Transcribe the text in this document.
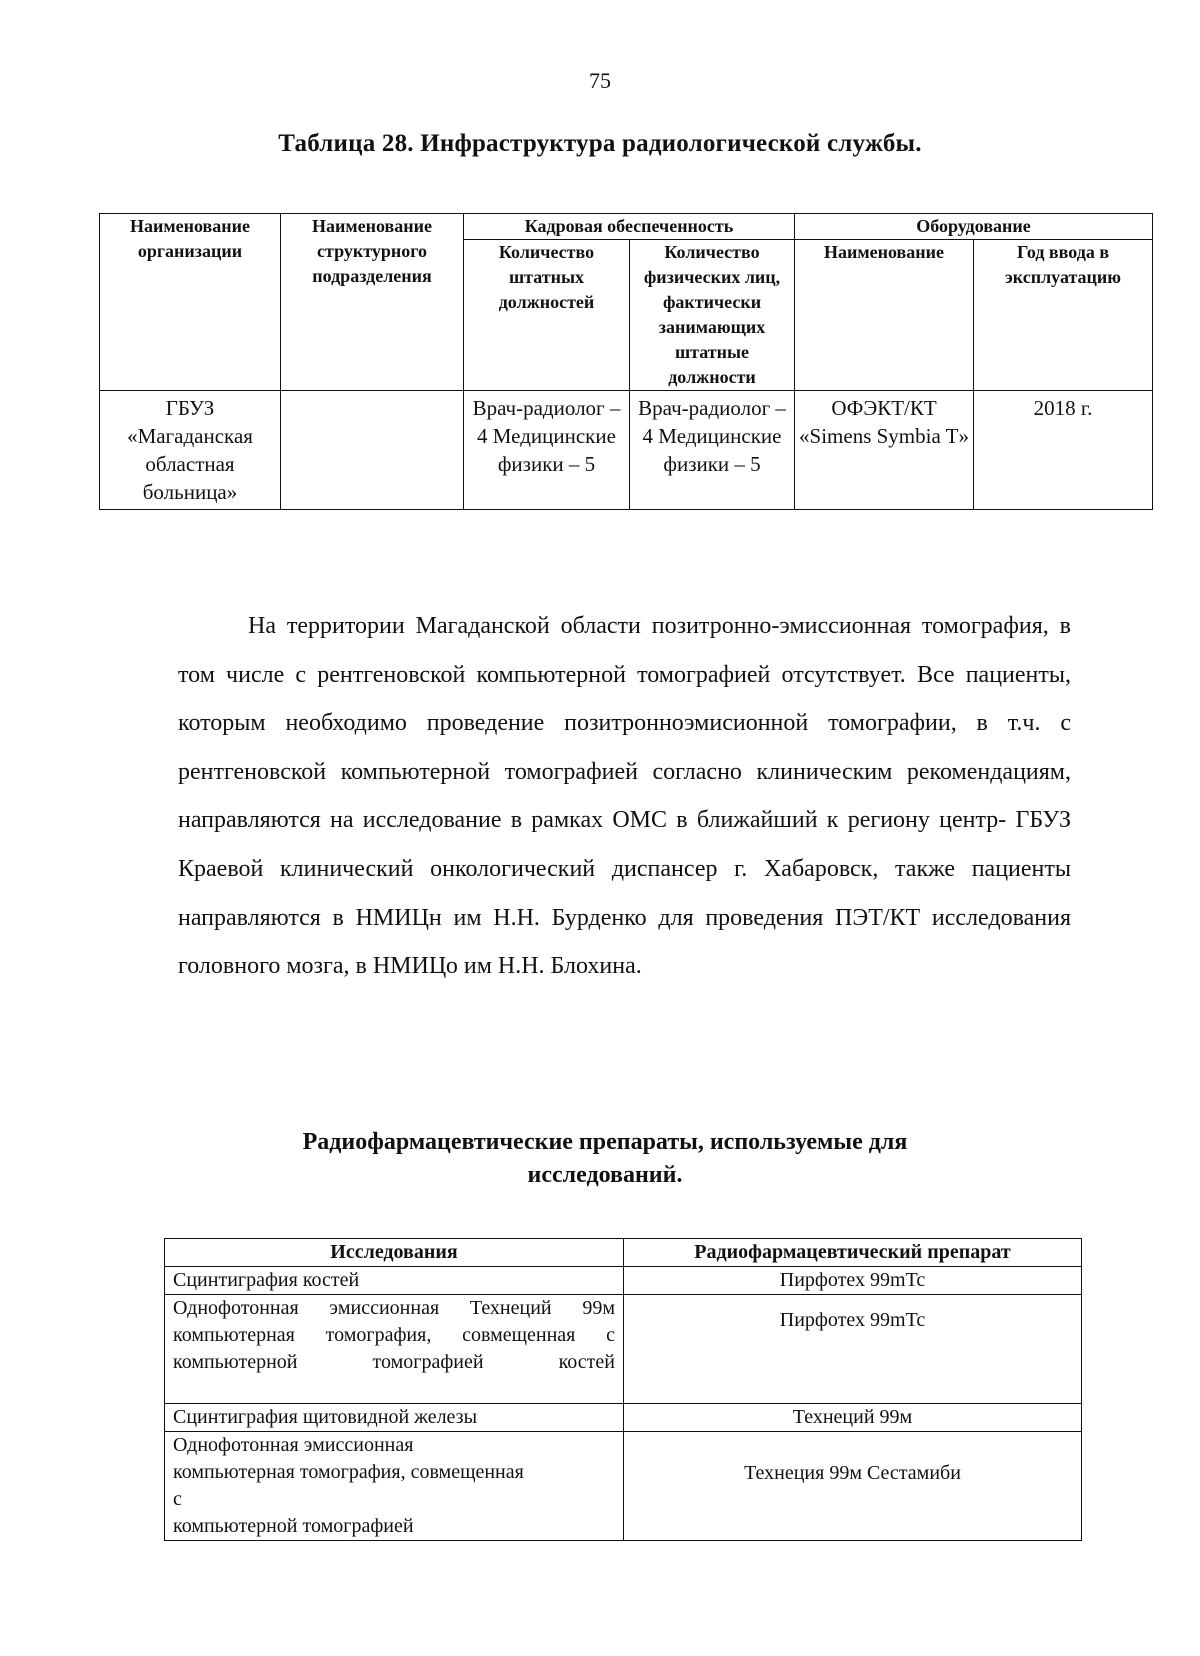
75
Таблица 28. Инфраструктура радиологической службы.
Наименование организации	Наименование структурного подразделения	Кадровая обеспеченность		Оборудование	
		Количество штатных должностей	Количество физических лиц, фактически занимающих штатные должности	Наименование	Год ввода в эксплуатацию
ГБУЗ «Магаданская областная больница»		Врач-радиолог – 4 Медицинские физики – 5	Врач-радиолог – 4 Медицинские физики – 5	ОФЭКТ/КТ «Simens Symbia T»	2018 г.

На территории Магаданской области позитронно-эмиссионная томография, в том числе с рентгеновской компьютерной томографией отсутствует. Все пациенты, которым необходимо проведение позитронноэмисионной томографии, в т.ч. с рентгеновской компьютерной томографией согласно клиническим рекомендациям, направляются на исследование в рамках ОМС в ближайший к региону центр- ГБУЗ Краевой клинический онкологический диспансер г. Хабаровск, также пациенты направляются в НМИЦн им Н.Н. Бурденко для проведения ПЭТ/КТ исследования головного мозга, в НМИЦо им Н.Н. Блохина.

Радиофармацевтические препараты, используемые для
исследований.
Исследования	Радиофармацевтический препарат
Сцинтиграфия костей	Пирфотех 99mTc
Однофотонная эмиссионная Технеций 99м компьютерная томография, совмещенная с компьютерной томографией костей	Пирфотех 99mTc
Сцинтиграфия щитовидной железы	Технеций 99м

Однофотонная эмиссионная
компьютерная томография, совмещенная
с
компьютерной томографией	Технеция 99м Сестамиби
